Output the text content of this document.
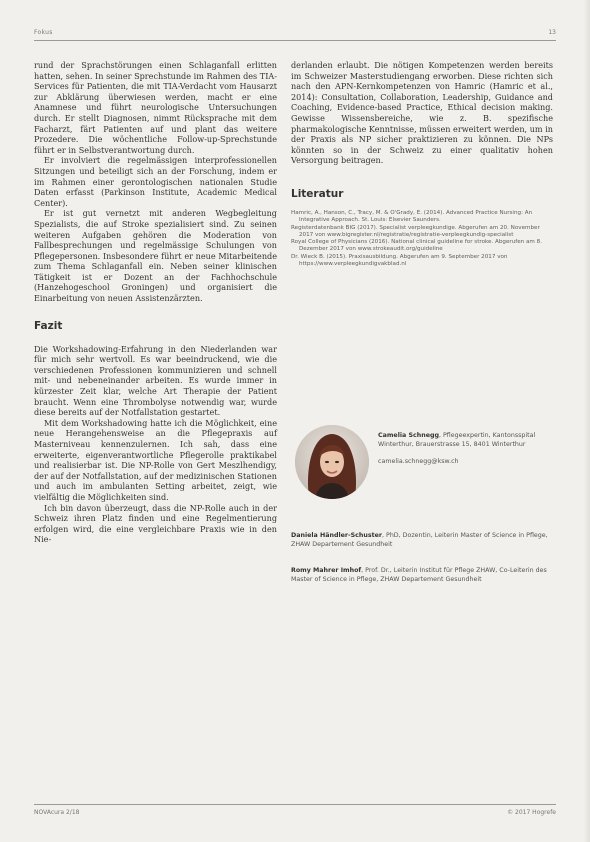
Fokus	13

rund der Sprachstörungen einen Schlaganfall erlitten hatten, sehen. In seiner Sprechstunde im Rahmen des TIA-Services für Patienten, die mit TIA-Verdacht vom Hausarzt zur Abklärung überwiesen werden, macht er eine Anamnese und führt neurologische Untersuchungen durch. Er stellt Diagnosen, nimmt Rücksprache mit dem Facharzt, färt Patienten auf und plant das weitere Prozedere. Die wöchentliche Follow-up-Sprechstunde führt er in Selbstverantwortung durch.

Er involviert die regelmässigen interprofessionellen Sitzungen und beteiligt sich an der Forschung, indem er im Rahmen einer gerontologischen nationalen Studie Daten erfasst (Parkinson Institute, Academic Medical Center).

Er ist gut vernetzt mit anderen Wegbegleitung Spezialists, die auf Stroke spezialisiert sind. Zu seinen weiteren Aufgaben gehören die Moderation von Fallbesprechungen und regelmässige Schulungen von Pflegepersonen. Insbesondere führt er neue Mitarbeitende zum Thema Schlaganfall ein. Neben seiner klinischen Tätigkeit ist er Dozent an der Fachhochschule (Hanzehogeschool Groningen) und organisiert die Einarbeitung von neuen Assistenzärzten.

Fazit

Die Workshadowing-Erfahrung in den Niederlanden war für mich sehr wertvoll. Es war beeindruckend, wie die verschiedenen Professionen kommunizieren und schnell mit- und nebeneinander arbeiten. Es wurde immer in kürzester Zeit klar, welche Art Therapie der Patient braucht. Wenn eine Thrombolyse notwendig war, wurde diese bereits auf der Notfallstation gestartet.

Mit dem Workshadowing hatte ich die Möglichkeit, eine neue Herangehensweise an die Pflegepraxis auf Masterniveau kennenzulernen. Ich sah, dass eine erweiterte, eigenverantwortliche Pflegerolle praktikabel und realisierbar ist. Die NP-Rolle von Gert Meszlhendigy, der auf der Notfallstation, auf der medizinischen Stationen und auch im ambulanten Setting arbeitet, zeigt, wie vielfältig die Möglichkeiten sind.

Ich bin davon überzeugt, dass die NP-Rolle auch in der Schweiz ihren Platz finden und eine Regelmentierung erfolgen wird, die eine vergleichbare Praxis wie in den Nie-

derlanden erlaubt. Die nötigen Kompetenzen werden bereits im Schweizer Masterstudiengang erworben. Diese richten sich nach den APN-Kernkompetenzen von Hamric (Hamric et al., 2014): Consultation, Collaboration, Leadership, Guidance and Coaching, Evidence-based Practice, Ethical decision making. Gewisse Wissensbereiche, wie z. B. spezifische pharmakologische Kenntnisse, müssen erweitert werden, um in der Praxis als NP sicher praktizieren zu können. Die NPs könnten so in der Schweiz zu einer qualitativ hohen Versorgung beitragen.

Literatur

Hamric, A., Hanson, C., Tracy, M. & O'Grady, E. (2014). Advanced Practice Nursing: An Integrative Approach. St. Louis: Elsevier Saunders.

Registerdatenbank BIG (2017). Specialist verpleegkundige. Abgerufen am 20. November 2017 von www.bigregister.nl/registratie/registratie-verpleegkundig-specialist

Royal College of Physicians (2016). National clinical guideline for stroke. Abgerufen am 8. Dezember 2017 von www.strokeaudit.org/guideline

Dr. Wieck B. (2015). Praxisausbildung. Abgerufen am 9. September 2017 von https://www.verpleegkundigvakblad.nl

Camelia Schnegg, Pflegeexpertin, Kantonsspital Winterthur, Brauerstrasse 15, 8401 Winterthur
camelia.schnegg@ksw.ch
Daniela Händler-Schuster, PhD, Dozentin, Leiterin Master of Science in Pflege, ZHAW Departement Gesundheit
Romy Mahrer Imhof, Prof. Dr., Leiterin Institut für Pflege ZHAW, Co-Leiterin des Master of Science in Pflege, ZHAW Departement Gesundheit
NOVAcura 2/18	© 2017 Hogrefe
